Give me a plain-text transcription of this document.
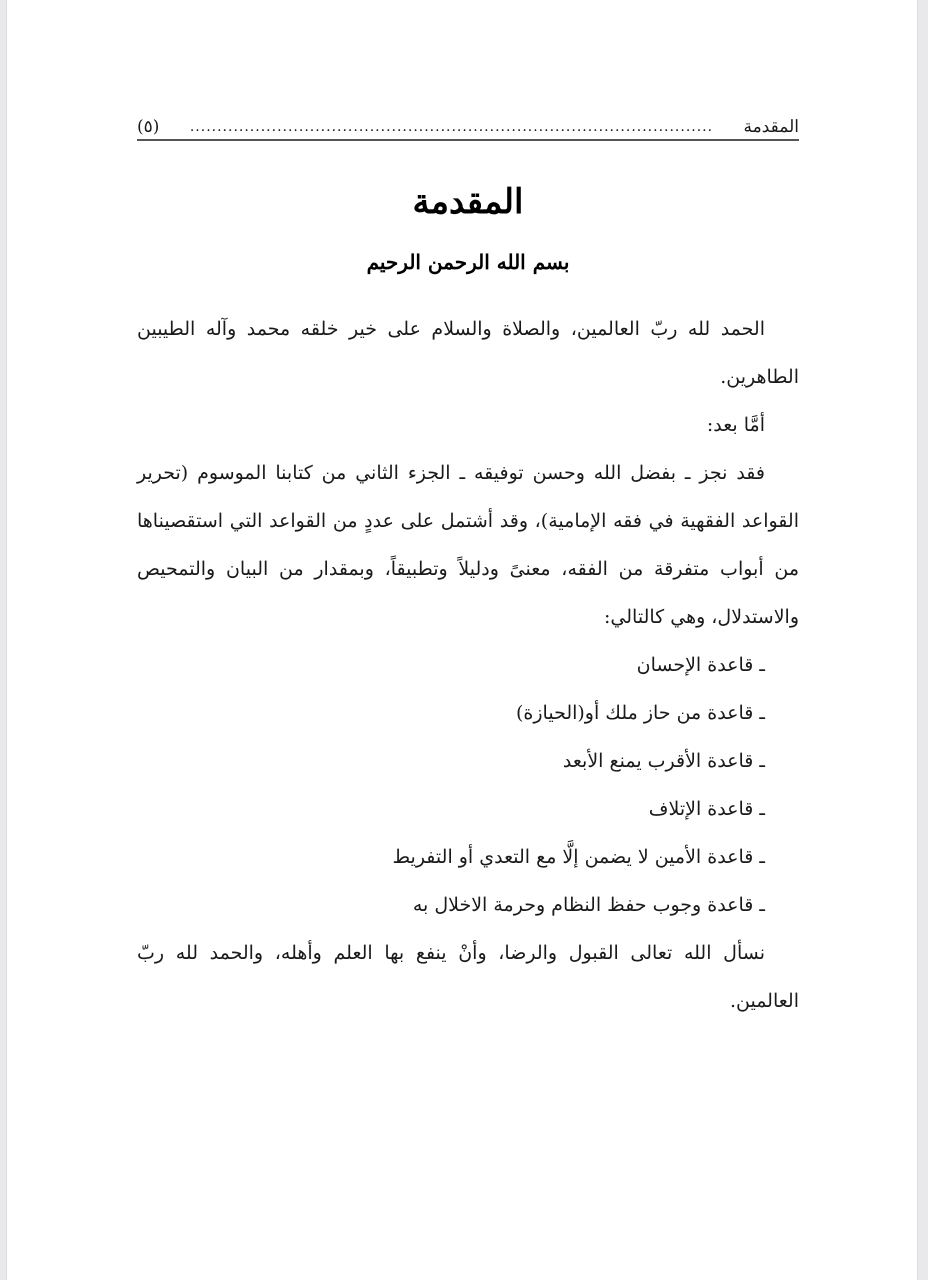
المقدمة
................................................................................................
(٥)
المقدمة
بسم الله الرحمن الرحيم

الحمد لله ربّ العالمين، والصلاة والسلام على خير خلقه محمد وآله الطيبين الطاهرين.

أمَّا بعد:

فقد نجز ـ بفضل الله وحسن توفيقه ـ الجزء الثاني من كتابنا الموسوم (تحرير القواعد الفقهية في فقه الإمامية)، وقد أشتمل على عددٍ من القواعد التي استقصيناها من أبواب متفرقة من الفقه، معنىً ودليلاً وتطبيقاً، وبمقدار من البيان والتمحيص والاستدلال، وهي كالتالي:

ـ قاعدة الإحسان

ـ قاعدة من حاز ملك أو(الحيازة)

ـ قاعدة الأقرب يمنع الأبعد

ـ قاعدة الإتلاف

ـ قاعدة الأمين لا يضمن إلَّا مع التعدي أو التفريط

ـ قاعدة وجوب حفظ النظام وحرمة الاخلال به

نسأل الله تعالى القبول والرضا، وأنْ ينفع بها العلم وأهله، والحمد لله ربّ العالمين.
